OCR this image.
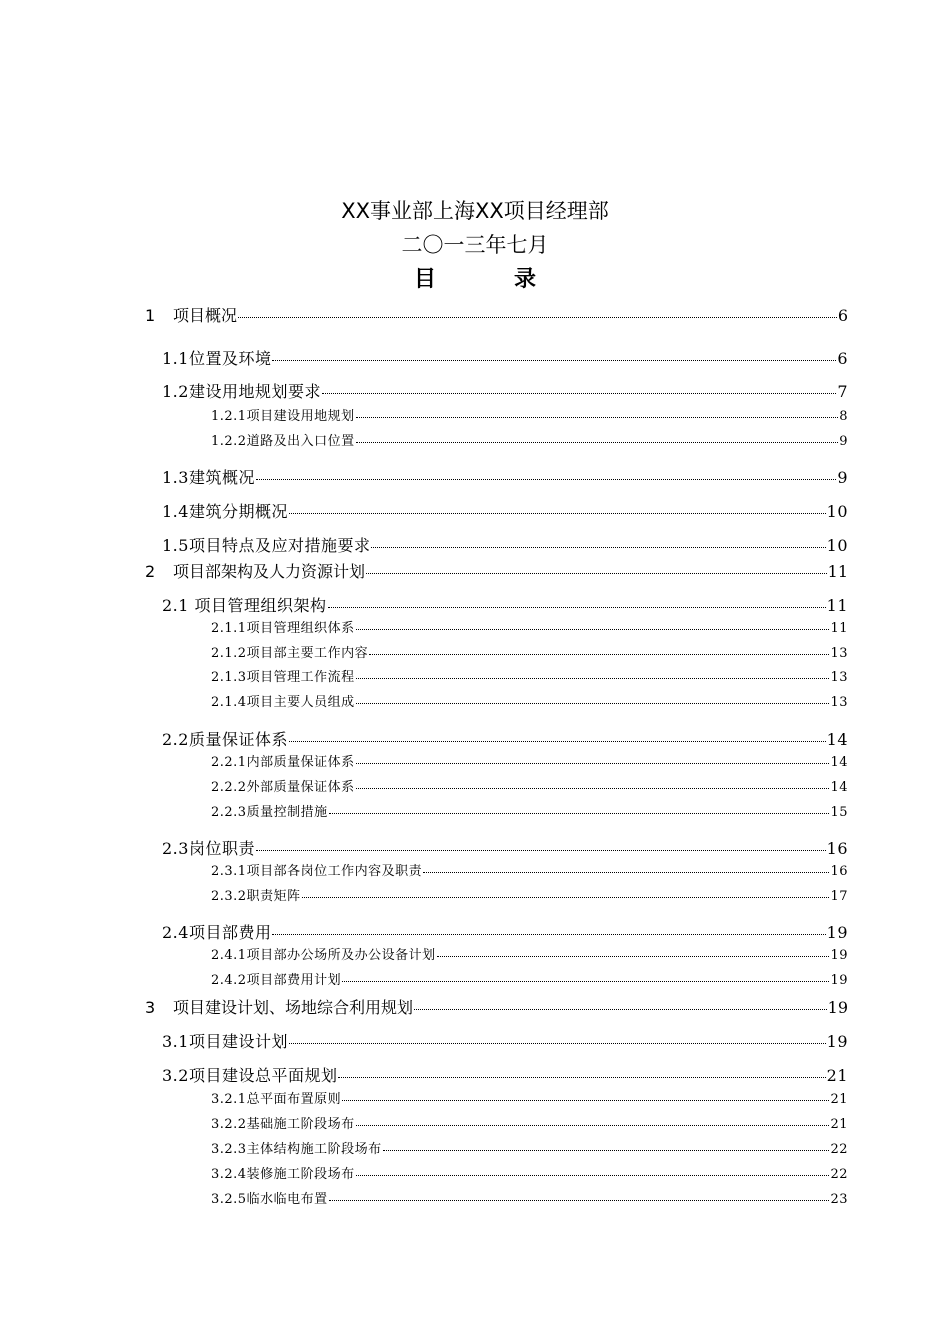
XX事业部上海XX项目经理部
二〇一三年七月
目	录
1 项目概况	6
1.1位置及环境	6
1.2建设用地规划要求	7
1.2.1项目建设用地规划	8
1.2.2道路及出入口位置	9
1.3建筑概况	9
1.4建筑分期概况	10
1.5项目特点及应对措施要求	10
2 项目部架构及人力资源计划	11
2.1 项目管理组织架构	11
2.1.1项目管理组织体系	11
2.1.2项目部主要工作内容	13
2.1.3项目管理工作流程	13
2.1.4项目主要人员组成	13
2.2质量保证体系	14
2.2.1内部质量保证体系	14
2.2.2外部质量保证体系	14
2.2.3质量控制措施	15
2.3岗位职责	16
2.3.1项目部各岗位工作内容及职责	16
2.3.2职责矩阵	17
2.4项目部费用	19
2.4.1项目部办公场所及办公设备计划	19
2.4.2项目部费用计划	19
3 项目建设计划、场地综合利用规划	19
3.1项目建设计划	19
3.2项目建设总平面规划	21
3.2.1总平面布置原则	21
3.2.2基础施工阶段场布	21
3.2.3主体结构施工阶段场布	22
3.2.4装修施工阶段场布	22
3.2.5临水临电布置	23
